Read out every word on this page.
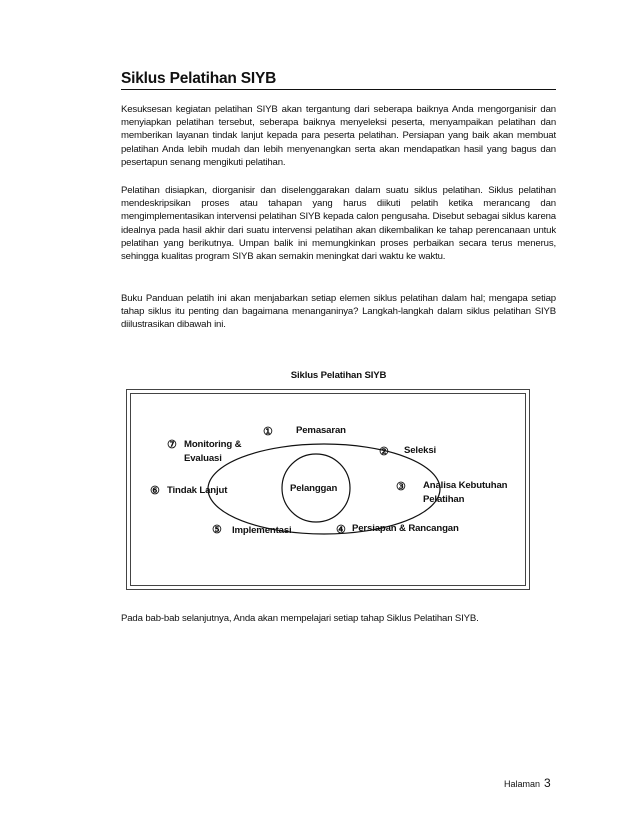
Siklus Pelatihan SIYB

Kesuksesan kegiatan pelatihan SIYB akan tergantung dari seberapa baiknya Anda mengorganisir dan menyiapkan pelatihan tersebut, seberapa baiknya menyeleksi peserta, menyampaikan pelatihan dan memberikan layanan tindak lanjut kepada para peserta pelatihan. Persiapan yang baik akan membuat pelatihan Anda lebih mudah dan lebih menyenangkan serta akan mendapatkan hasil yang bagus dan pesertapun senang mengikuti pelatihan.

Pelatihan disiapkan, diorganisir dan diselenggarakan dalam suatu siklus pelatihan. Siklus pelatihan mendeskripsikan proses atau tahapan yang harus diikuti pelatih ketika merancang dan mengimplementasikan intervensi pelatihan SIYB kepada calon pengusaha. Disebut sebagai siklus karena idealnya pada hasil akhir dari suatu intervensi pelatihan akan dikembalikan ke tahap perencanaan untuk pelatihan yang berikutnya. Umpan balik ini memungkinkan proses perbaikan secara terus menerus, sehingga kualitas program SIYB akan semakin meningkat dari waktu ke waktu.

Buku Panduan pelatih ini akan menjabarkan setiap elemen siklus pelatihan dalam hal; mengapa setiap tahap siklus itu penting dan bagaimana menanganinya? Langkah-langkah dalam siklus pelatihan SIYB diilustrasikan dibawah ini.

Siklus Pelatihan SIYB
Pelanggan
① Pemasaran
② Seleksi
③ Analisa Kebutuhan
Pelatihan
④ Persiapan & Rancangan
⑤ Implementasi
⑥ Tindak Lanjut
⑦ Monitoring &
Evaluasi
Pada bab-bab selanjutnya, Anda akan mempelajari setiap tahap Siklus Pelatihan SIYB.
Halaman 3
